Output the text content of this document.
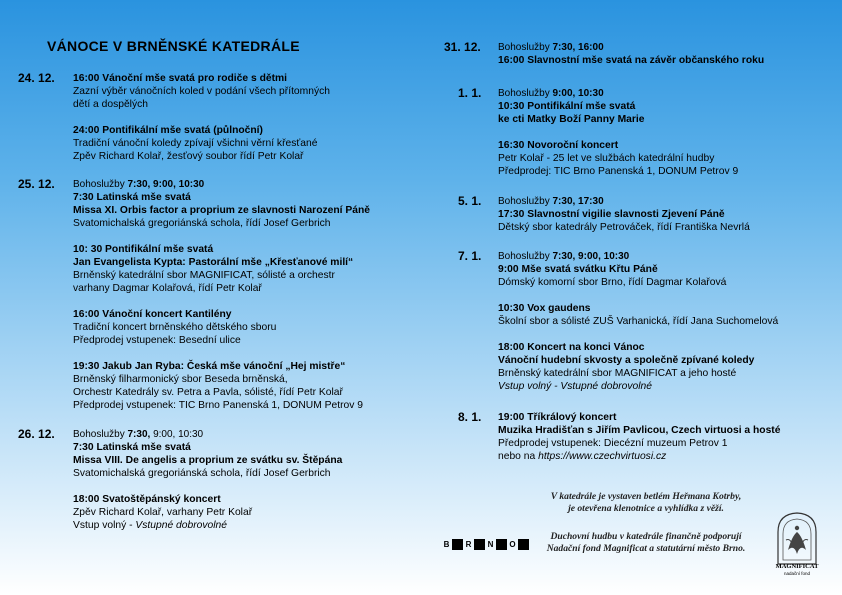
VÁNOCE V BRNĚNSKÉ KATEDRÁLE
24. 12. 16:00 Vánoční mše svatá pro rodiče s dětmi
Zazní výběr vánočních koled v podání všech přítomných
dětí a dospělých
24:00 Pontifikální mše svatá (půlnoční)
Tradiční vánoční koledy zpívají všichni věrní křesťané
Zpěv Richard Kolař, žesťový soubor řídí Petr Kolař
25. 12. Bohoslužby 7:30, 9:00, 10:30
7:30 Latinská mše svatá
Missa XI. Orbis factor a proprium ze slavnosti Narození Páně
Svatomichalská gregoriánská schola, řídí Josef Gerbrich
10: 30 Pontifikální mše svatá
Jan Evangelista Kypta: Pastorální mše „Křesťanové milí“
Brněnský katedrální sbor MAGNIFICAT, sólisté a orchestr
varhany Dagmar Kolařová, řídí Petr Kolař
16:00 Vánoční koncert Kantilény
Tradiční koncert brněnského dětského sboru
Předprodej vstupenek: Besední ulice
19:30 Jakub Jan Ryba: Česká mše vánoční „Hej mistře“
Brněnský filharmonický sbor Beseda brněnská,
Orchestr Katedrály sv. Petra a Pavla, sólisté, řídí Petr Kolař
Předprodej vstupenek: TIC Brno Panenská 1, DONUM Petrov 9
26. 12. Bohoslužby 7:30, 9:00, 10:30
7:30 Latinská mše svatá
Missa VIII. De angelis a proprium ze svátku sv. Štěpána
Svatomichalská gregoriánská schola, řídí Josef Gerbrich
18:00 Svatoštěpánský koncert
Zpěv Richard Kolař, varhany Petr Kolař
Vstup volný - Vstupné dobrovolné
31. 12. Bohoslužby 7:30, 16:00
16:00 Slavnostní mše svatá na závěr občanského roku
1. 1. Bohoslužby 9:00, 10:30
10:30 Pontifikální mše svatá
ke cti Matky Boží Panny Marie
16:30 Novoroční koncert
Petr Kolař - 25 let ve službách katedrální hudby
Předprodej: TIC Brno Panenská 1, DONUM Petrov 9
5. 1. Bohoslužby 7:30, 17:30
17:30 Slavnostní vigilie slavnosti Zjevení Páně
Dětský sbor katedrály Petrováček, řídí Františka Nevrlá
7. 1. Bohoslužby 7:30, 9:00, 10:30
9:00 Mše svatá svátku Křtu Páně
Dómský komorní sbor Brno, řídí Dagmar Kolařová
10:30 Vox gaudens
Školní sbor a sólisté ZUŠ Varhanická, řídí Jana Suchomelová
18:00 Koncert na konci Vánoc
Vánoční hudební skvosty a společně zpívané koledy
Brněnský katedrální sbor MAGNIFICAT a jeho hosté
Vstup volný - Vstupné dobrovolné
8. 1. 19:00 Tříkrálový koncert
Muzika Hradišťan s Jiřím Pavlicou, Czech virtuosi a hosté
Předprodej vstupenek: Diecézní muzeum Petrov 1
nebo na https://www.czechvirtuosi.cz
V katedrále je vystaven betlém Heřmana Kotrby,
je otevřena klenotnice a vyhlídka z věží.
Duchovní hudbu v katedrále finančně podporují
Nadační fond Magnificat a statutární město Brno.
B	R	N	O
MAGNIFICAT
nadační fond
